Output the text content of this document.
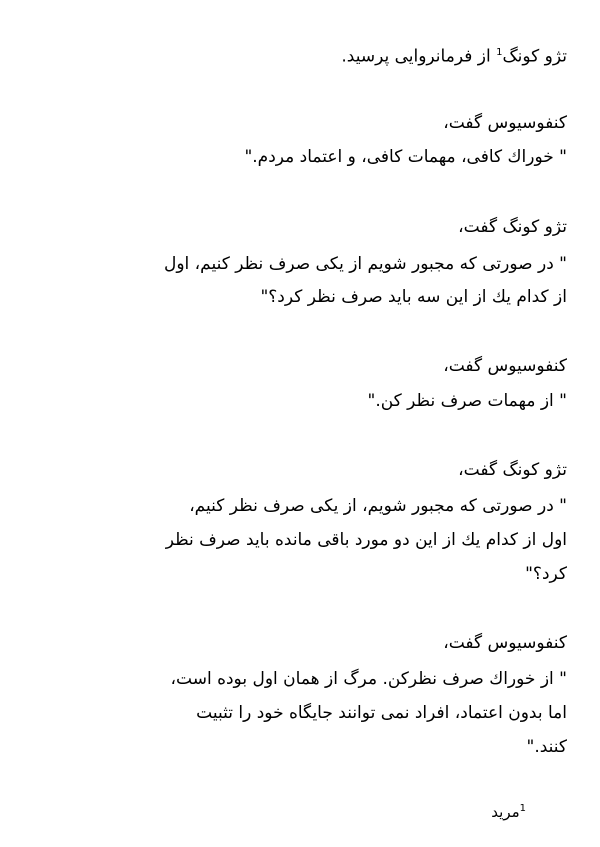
تژو کونگ$^1$ از فرمانروایی پرسید.
کنفوسیوس گفت،
" خوراك کافی، مهمات کافی، و اعتماد مردم."
تژو کونگ گفت،
" در صورتی که مجبور شویم از یکی صرف نظر کنیم، اول
از کدام یك از این سه باید صرف نظر کرد؟"
کنفوسیوس گفت،
" از مهمات صرف نظر کن."
تژو کونگ گفت،
" در صورتی که مجبور شویم، از یکی صرف نظر کنیم،
اول از کدام یك از این دو مورد باقی مانده باید صرف نظر
کرد؟"
کنفوسیوس گفت،
" از خوراك صرف نظرکن. مرگ از همان اول بوده است،
اما بدون اعتماد، افراد نمی توانند جایگاه خود را تثبیت
کنند."
$^1$مرید
